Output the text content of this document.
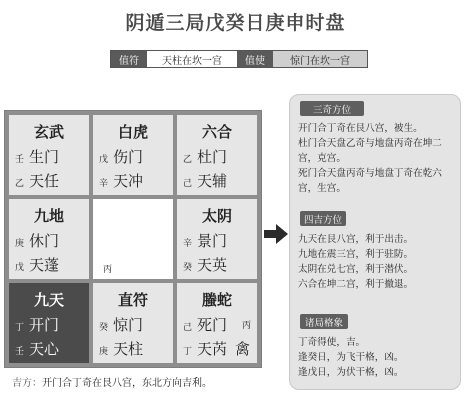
阴遁三局戊癸日庚申时盘
值符	天柱在坎一宫	值使	惊门在坎一宫
玄武
壬 生门
乙 天任
白虎
戊 伤门
辛 天冲
六合
乙 杜门
己 天辅
九地
庚 休门
戊 天蓬	丙
太阴
辛 景门
癸 天英
九天
丁 开门
壬 天心
直符
癸 惊门
庚 天柱
螣蛇
己 死门 丙
丁 天芮 禽
三奇方位
开门合丁奇在艮八宫，被生。
杜门合天盘乙奇与地盘丙奇在坤二
宫，克宫。
死门合天盘丙奇与地盘丁奇在乾六
宫，生宫。
四吉方位
九天在艮八宫，利于出击。
九地在震三宫，利于驻防。
太阴在兑七宫，利于潜伏。
六合在坤二宫，利于撤退。
诸局格象
丁奇得使，吉。
逢癸日，为飞干格，凶。
逢戊日，为伏干格，凶。
吉方：开门合丁奇在艮八宫，东北方向吉利。
